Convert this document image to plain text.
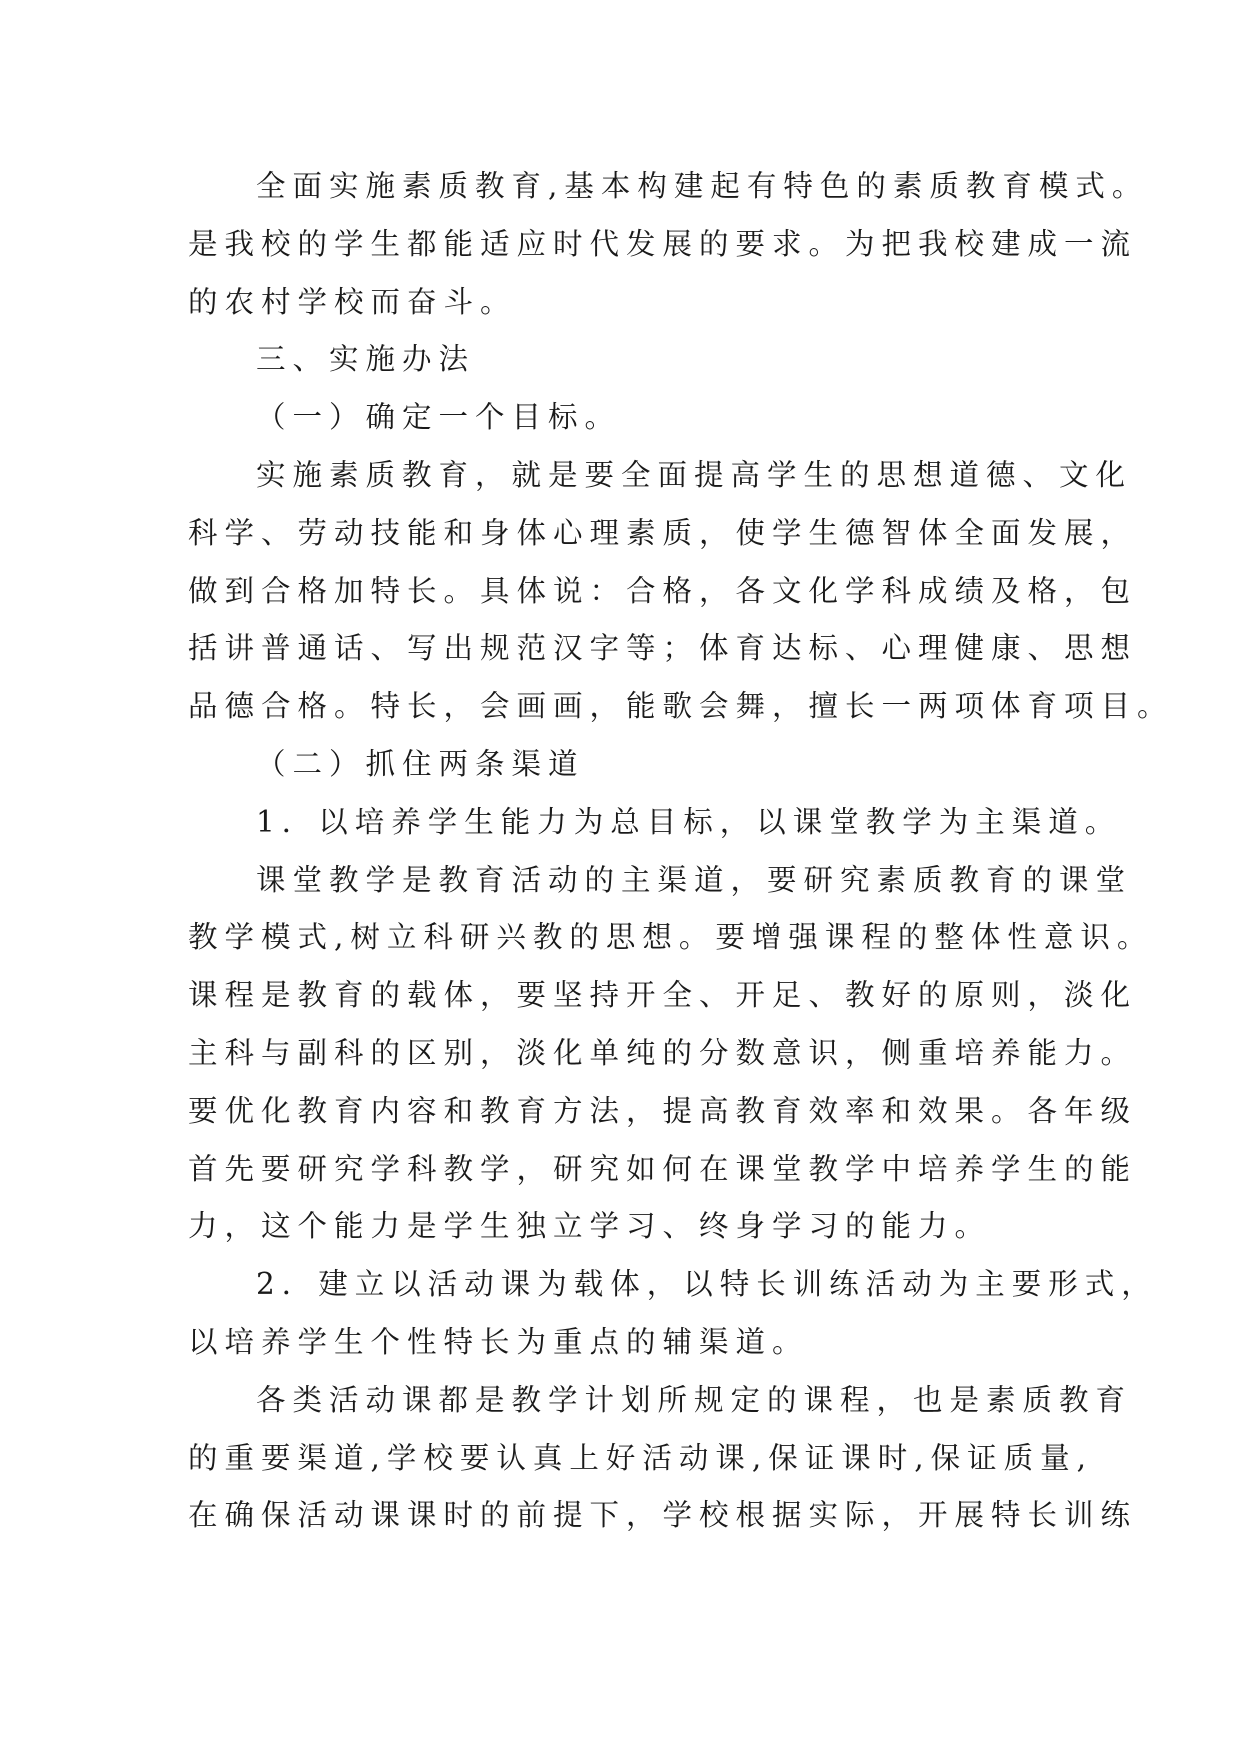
全面实施素质教育,基本构建起有特色的素质教育模式。
是我校的学生都能适应时代发展的要求。为把我校建成一流
的农村学校而奋斗。
三、实施办法
（一）确定一个目标。
实施素质教育，就是要全面提高学生的思想道德、文化
科学、劳动技能和身体心理素质，使学生德智体全面发展，
做到合格加特长。具体说：合格，各文化学科成绩及格，包
括讲普通话、写出规范汉字等；体育达标、心理健康、思想
品德合格。特长，会画画，能歌会舞，擅长一两项体育项目。
（二）抓住两条渠道
1．以培养学生能力为总目标，以课堂教学为主渠道。
课堂教学是教育活动的主渠道，要研究素质教育的课堂
教学模式,树立科研兴教的思想。要增强课程的整体性意识。
课程是教育的载体，要坚持开全、开足、教好的原则，淡化
主科与副科的区别，淡化单纯的分数意识，侧重培养能力。
要优化教育内容和教育方法，提高教育效率和效果。各年级
首先要研究学科教学，研究如何在课堂教学中培养学生的能
力，这个能力是学生独立学习、终身学习的能力。
2．建立以活动课为载体，以特长训练活动为主要形式，
以培养学生个性特长为重点的辅渠道。
各类活动课都是教学计划所规定的课程，也是素质教育
的重要渠道,学校要认真上好活动课,保证课时,保证质量,
在确保活动课课时的前提下，学校根据实际，开展特长训练
